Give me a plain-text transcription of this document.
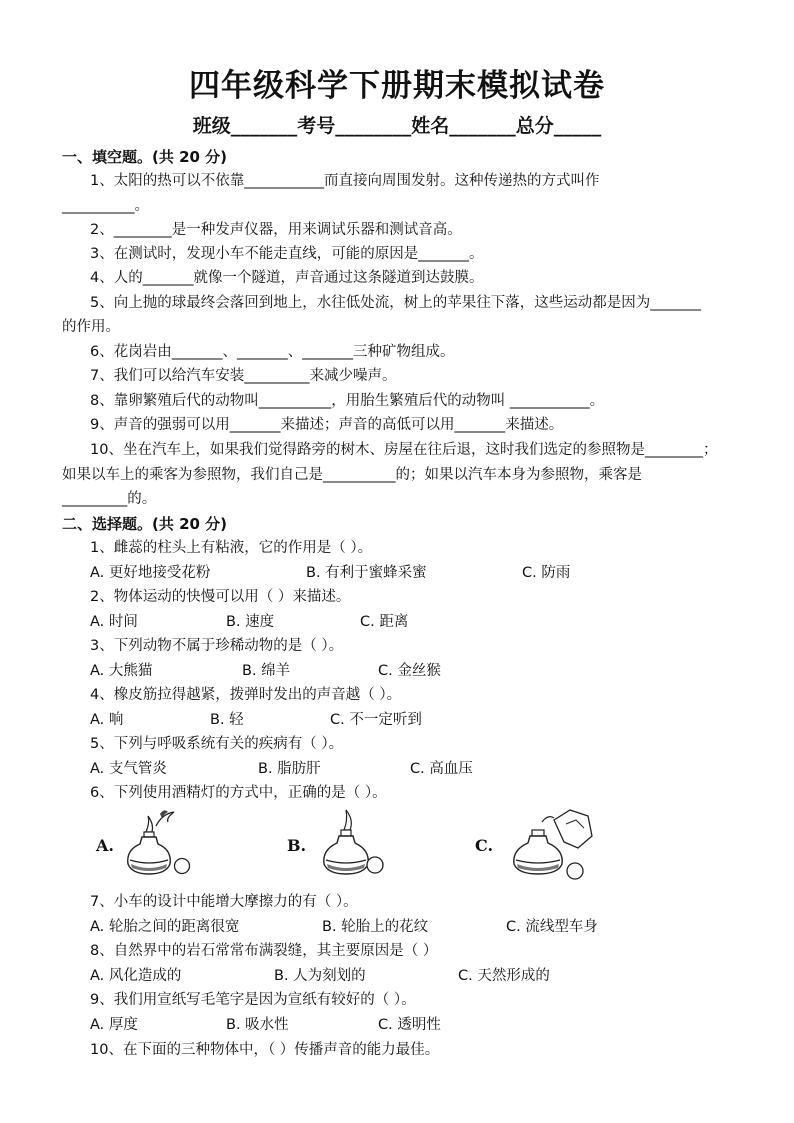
四年级科学下册期末模拟试卷
班级_______考号________姓名_______总分_____
一、填空题。(共 20 分)
1、太阳的热可以不依靠___________而直接向周围发射。这种传递热的方式叫作
__________。
2、________是一种发声仪器，用来调试乐器和测试音高。
3、在测试时，发现小车不能走直线，可能的原因是_______。
4、人的_______就像一个隧道，声音通过这条隧道到达鼓膜。
5、向上抛的球最终会落回到地上，水往低处流，树上的苹果往下落，这些运动都是因为_______
的作用。
6、花岗岩由_______、_______、_______三种矿物组成。
7、我们可以给汽车安装_________来减少噪声。
8、靠卵繁殖后代的动物叫__________，用胎生繁殖后代的动物叫 ___________。
9、声音的强弱可以用_______来描述；声音的高低可以用_______来描述。
10、坐在汽车上，如果我们觉得路旁的树木、房屋在往后退，这时我们选定的参照物是________；
如果以车上的乘客为参照物，我们自己是__________的；如果以汽车本身为参照物，乘客是
_________的。
二、选择题。(共 20 分)
1、雌蕊的柱头上有粘液，它的作用是（ ）。
A. 更好地接受花粉	B. 有利于蜜蜂采蜜	C. 防雨
2、物体运动的快慢可以用（ ）来描述。
A. 时间	B. 速度	C. 距离
3、下列动物不属于珍稀动物的是（ ）。
A. 大熊猫	B. 绵羊	C. 金丝猴
4、橡皮筋拉得越紧，拨弹时发出的声音越（ ）。
A. 响	B. 轻	C. 不一定听到
5、下列与呼吸系统有关的疾病有（ ）。
A. 支气管炎	B. 脂肪肝	C. 高血压
6、下列使用酒精灯的方式中，正确的是（ ）。
A.	B.	C.
7、小车的设计中能增大摩擦力的有（ ）。
A. 轮胎之间的距离很宽	B. 轮胎上的花纹	C. 流线型车身
8、自然界中的岩石常常布满裂缝，其主要原因是（ ）
A. 风化造成的	B. 人为刻划的	C. 天然形成的
9、我们用宣纸写毛笔字是因为宣纸有较好的（ ）。
A. 厚度	B. 吸水性	C. 透明性
10、在下面的三种物体中，（ ）传播声音的能力最佳。
